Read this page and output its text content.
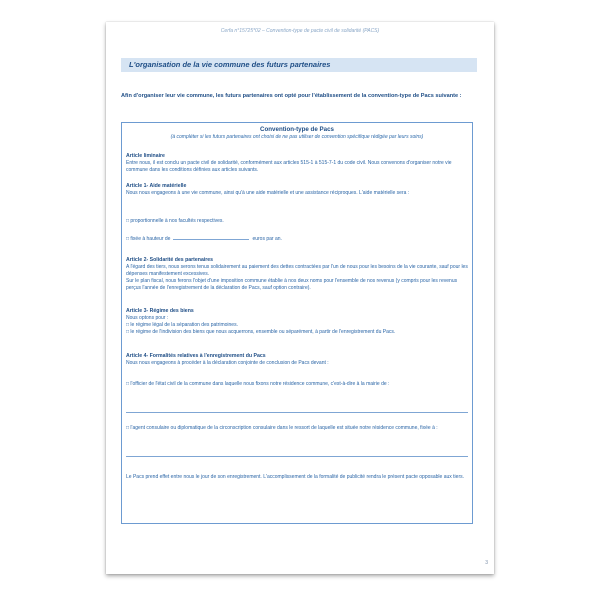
Cerfa n°15725*02 – Convention-type de pacte civil de solidarité (PACS)
L'organisation de la vie commune des futurs partenaires
Afin d'organiser leur vie commune, les futurs partenaires ont opté pour l'établissement de la convention-type de Pacs suivante :
Convention-type de Pacs
(à compléter si les futurs partenaires ont choisi de ne pas utiliser de convention spécifique rédigée par leurs soins)
Article liminaire
Entre nous, il est conclu un pacte civil de solidarité, conformément aux articles 515-1 à 515-7-1 du code civil. Nous convenons d'organiser notre vie commune dans les conditions définies aux articles suivants.
Article 1- Aide matérielle
Nous nous engageons à une vie commune, ainsi qu'à une aide matérielle et une assistance réciproques. L'aide matérielle sera :
□ proportionnelle à nos facultés respectives.
□ fixée à hauteur de	euros par an.
Article 2- Solidarité des partenaires
A l'égard des tiers, nous serons tenus solidairement au paiement des dettes contractées par l'un de nous pour les besoins de la vie courante, sauf pour les dépenses manifestement excessives.
Sur le plan fiscal, nous ferons l'objet d'une imposition commune établie à nos deux noms pour l'ensemble de nos revenus (y compris pour les revenus perçus l'année de l'enregistrement de la déclaration de Pacs, sauf option contraire).
Article 3- Régime des biens
Nous optons pour :
□ le régime légal de la séparation des patrimoines.
□ le régime de l'indivision des biens que nous acquerrons, ensemble ou séparément, à partir de l'enregistrement du Pacs.
Article 4- Formalités relatives à l'enregistrement du Pacs
Nous nous engageons à procéder à la déclaration conjointe de conclusion de Pacs devant :
□ l'officier de l'état civil de la commune dans laquelle nous fixons notre résidence commune, c'est-à-dire à la mairie de :
□ l'agent consulaire ou diplomatique de la circonscription consulaire dans le ressort de laquelle est située notre résidence commune, fixée à :
Le Pacs prend effet entre nous le jour de son enregistrement. L'accomplissement de la formalité de publicité rendra le présent pacte opposable aux tiers.
3
